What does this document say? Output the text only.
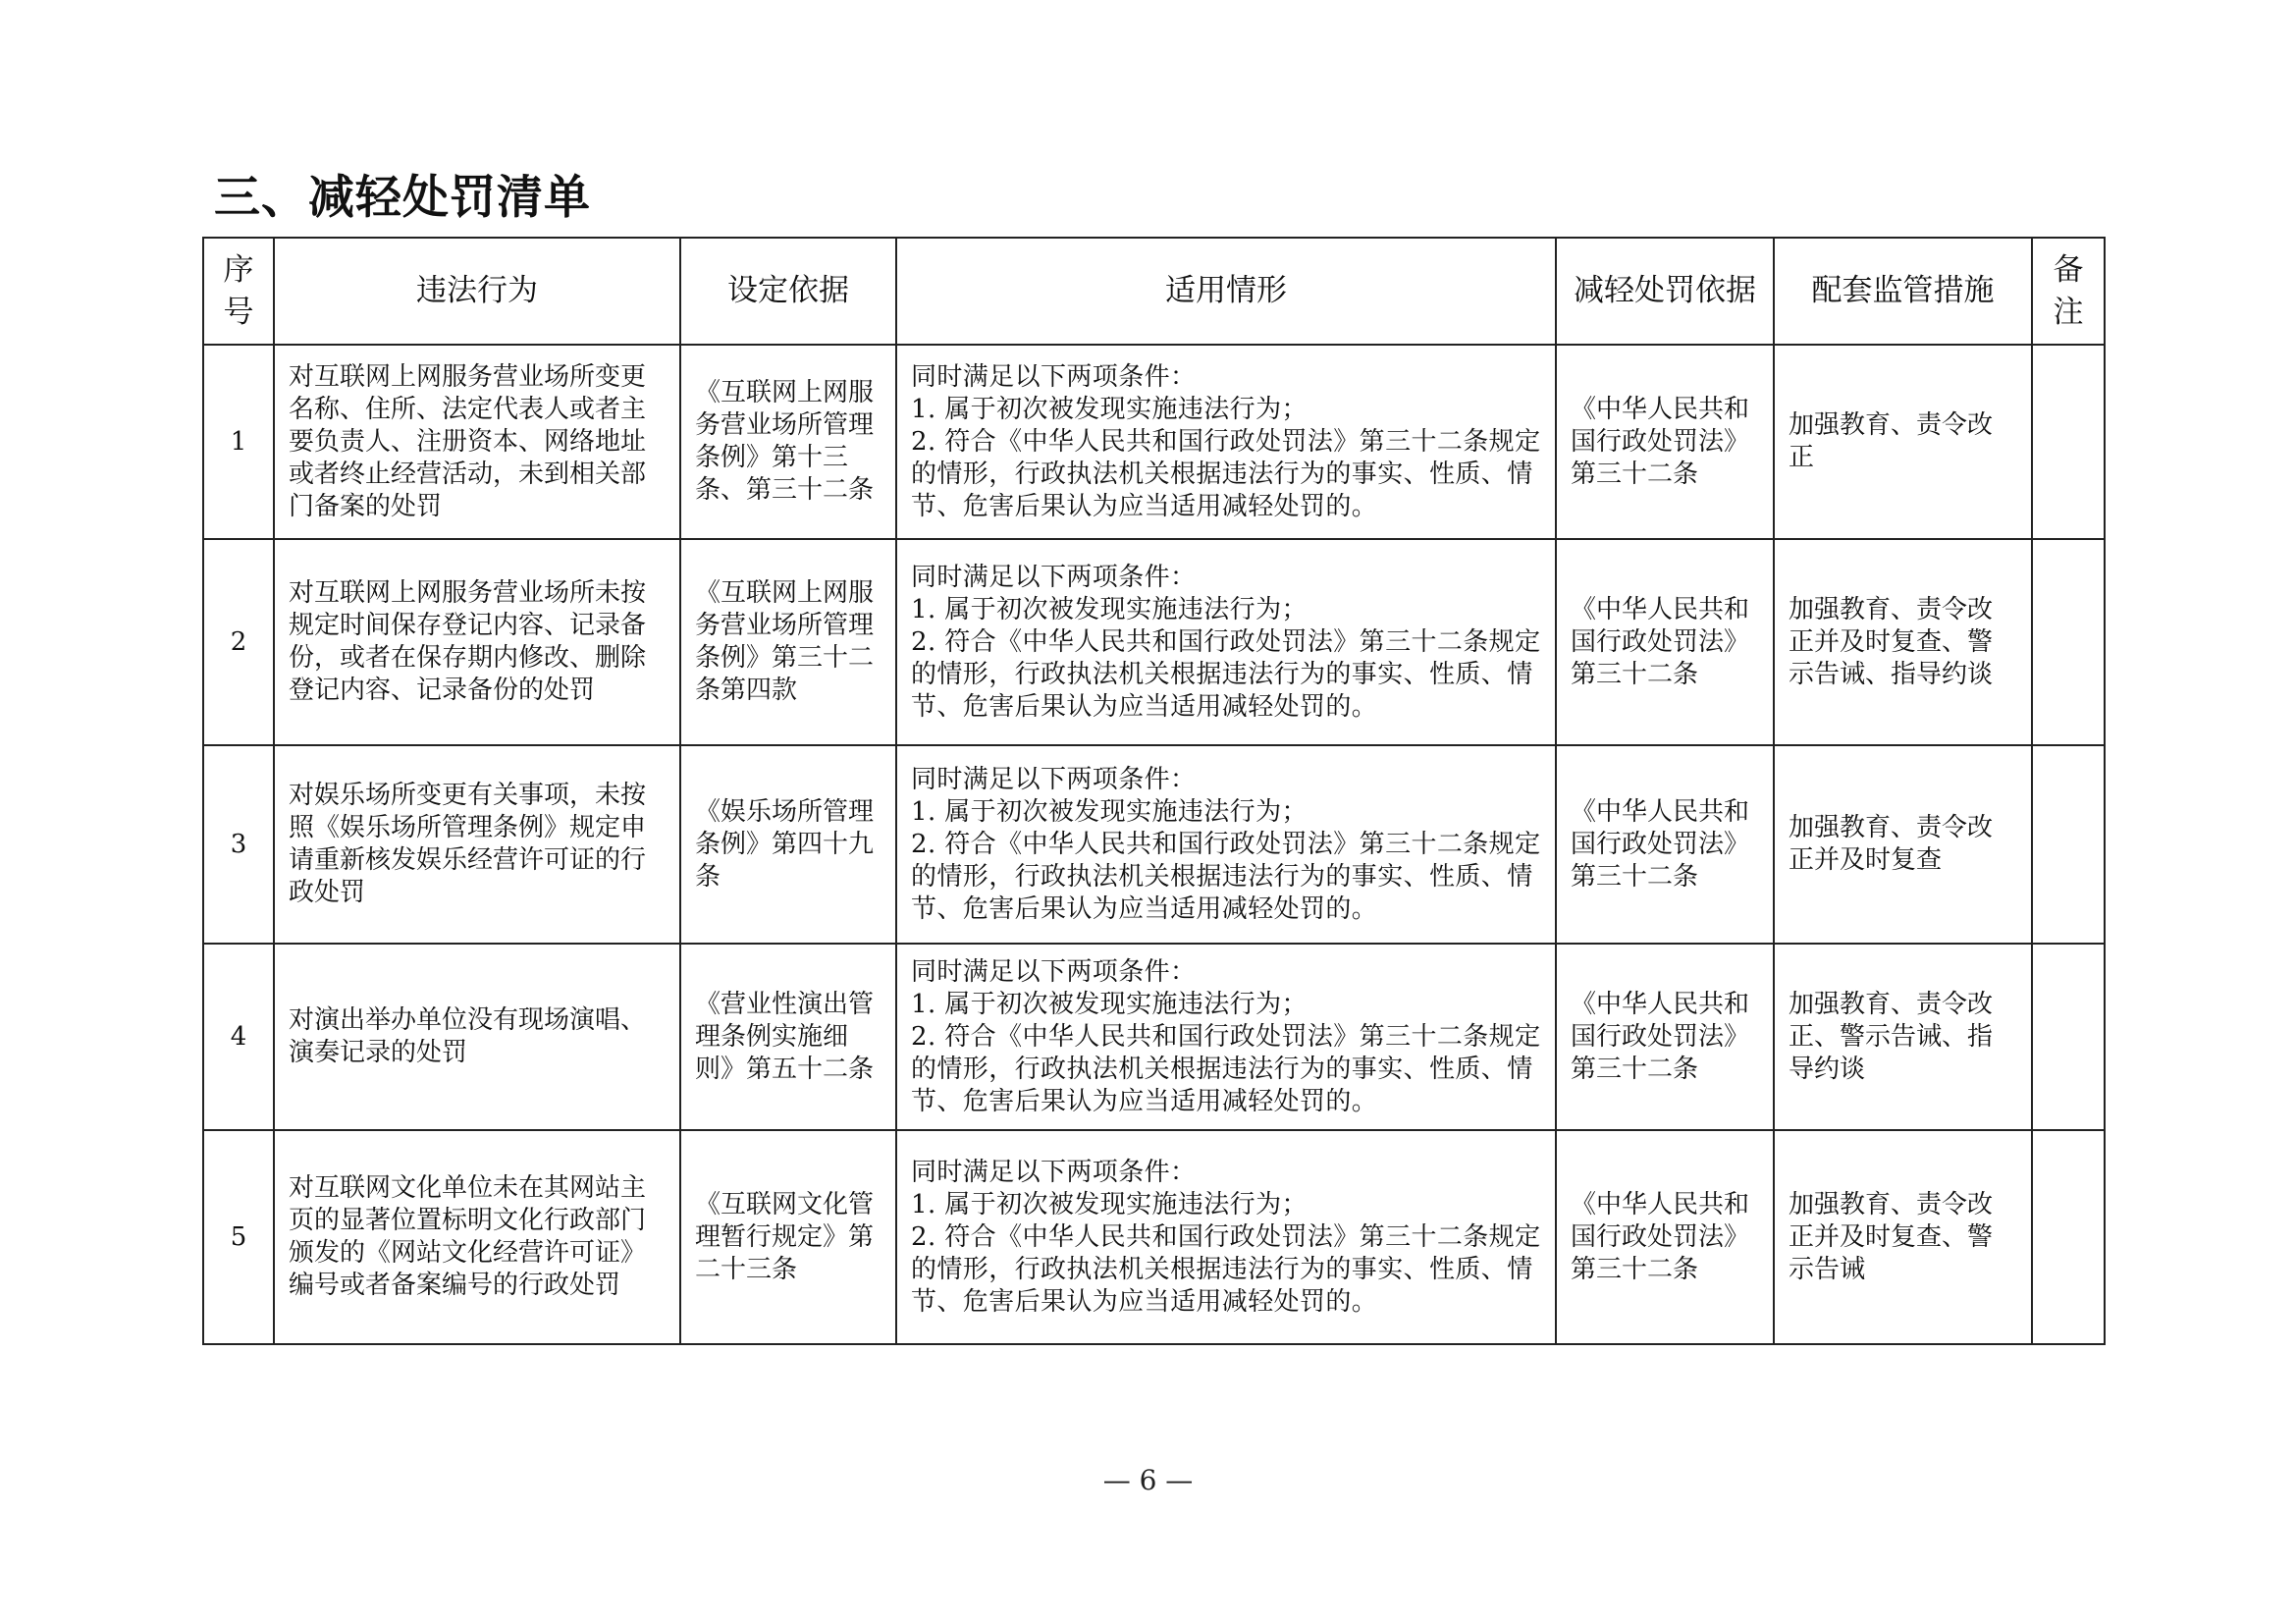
三、减轻处罚清单
序号	违法行为	设定依据	适用情形	减轻处罚依据	配套监管措施	备注
1	对互联网上网服务营业场所变更名称、住所、法定代表人或者主要负责人、注册资本、网络地址或者终止经营活动，未到相关部门备案的处罚	《互联网上网服务营业场所管理条例》第十三条、第三十二条	同时满足以下两项条件：
1. 属于初次被发现实施违法行为；
2. 符合《中华人民共和国行政处罚法》第三十二条规定的情形，行政执法机关根据违法行为的事实、性质、情节、危害后果认为应当适用减轻处罚的。	《中华人民共和国行政处罚法》第三十二条	加强教育、责令改正	
2	对互联网上网服务营业场所未按规定时间保存登记内容、记录备份，或者在保存期内修改、删除登记内容、记录备份的处罚	《互联网上网服务营业场所管理条例》第三十二条第四款	同时满足以下两项条件：
1. 属于初次被发现实施违法行为；
2. 符合《中华人民共和国行政处罚法》第三十二条规定的情形，行政执法机关根据违法行为的事实、性质、情节、危害后果认为应当适用减轻处罚的。	《中华人民共和国行政处罚法》第三十二条	加强教育、责令改正并及时复查、警示告诫、指导约谈	
3	对娱乐场所变更有关事项，未按照《娱乐场所管理条例》规定申请重新核发娱乐经营许可证的行政处罚	《娱乐场所管理条例》第四十九条	同时满足以下两项条件：
1. 属于初次被发现实施违法行为；
2. 符合《中华人民共和国行政处罚法》第三十二条规定的情形，行政执法机关根据违法行为的事实、性质、情节、危害后果认为应当适用减轻处罚的。	《中华人民共和国行政处罚法》第三十二条	加强教育、责令改正并及时复查	
4	对演出举办单位没有现场演唱、演奏记录的处罚	《营业性演出管理条例实施细则》第五十二条	同时满足以下两项条件：
1. 属于初次被发现实施违法行为；
2. 符合《中华人民共和国行政处罚法》第三十二条规定的情形，行政执法机关根据违法行为的事实、性质、情节、危害后果认为应当适用减轻处罚的。	《中华人民共和国行政处罚法》第三十二条	加强教育、责令改正、警示告诫、指导约谈	
5	对互联网文化单位未在其网站主页的显著位置标明文化行政部门颁发的《网站文化经营许可证》编号或者备案编号的行政处罚	《互联网文化管理暂行规定》第二十三条	同时满足以下两项条件：
1. 属于初次被发现实施违法行为；
2. 符合《中华人民共和国行政处罚法》第三十二条规定的情形，行政执法机关根据违法行为的事实、性质、情节、危害后果认为应当适用减轻处罚的。	《中华人民共和国行政处罚法》第三十二条	加强教育、责令改正并及时复查、警示告诫	
— 6 —
